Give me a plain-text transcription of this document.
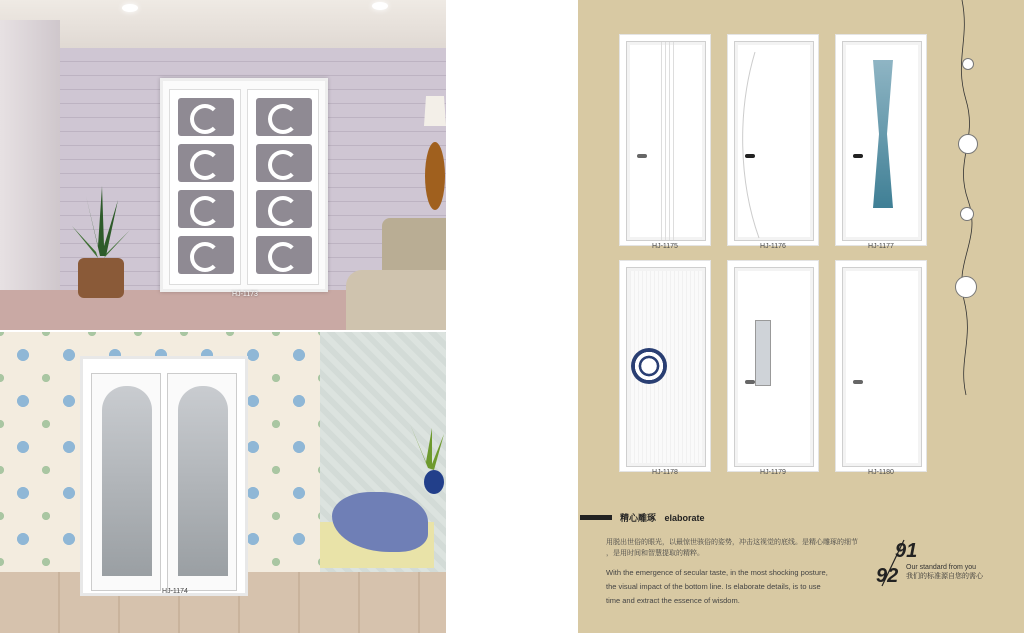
HJ-1173
HJ-1174
HJ-1175	HJ-1176	HJ-1177
HJ-1178	HJ-1179	HJ-1180
精心雕琢 elaborate
用脱出世俗的眼光，以最惊世骇俗的姿势，冲击这视觉的底线。是精心雕琢的细节
，是用时间和智慧提取的精粹。
With the emergence of secular taste, in the most shocking posture,
the visual impact of the bottom line. Is elaborate details, is to use
time and extract the essence of wisdom.
91
92 Our standard from you
我们的标准源自您的需心
